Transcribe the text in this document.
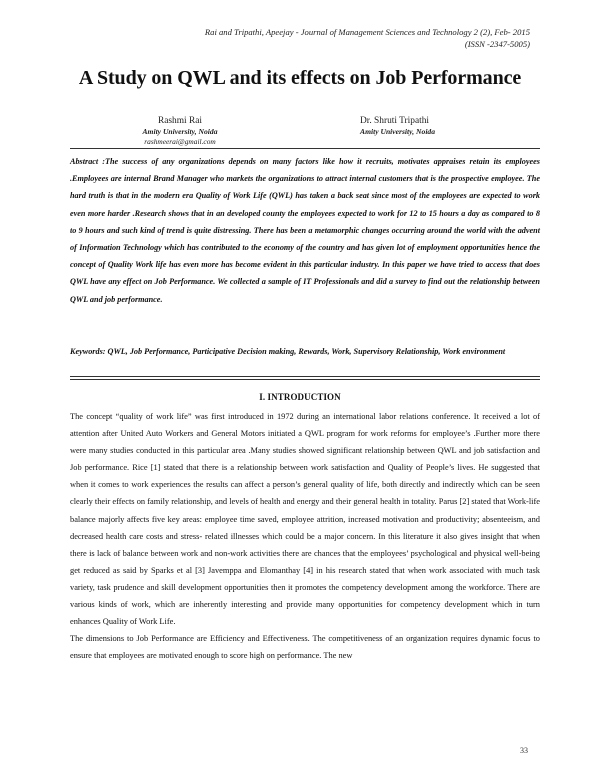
Rai and Tripathi, Apeejay - Journal of Management Sciences and Technology 2 (2), Feb- 2015
(ISSN -2347-5005)
A Study on QWL and its effects on Job Performance
Rashmi Rai
Amity University, Noida
rashmeerai@gmail.com
Dr. Shruti Tripathi
Amity University, Noida
Abstract :The success of any organizations depends on many factors like how it recruits, motivates appraises retain its employees .Employees are internal Brand Manager who markets the organizations to attract internal customers that is the prospective employee. The hard truth is that in the modern era Quality of Work Life (QWL) has taken a back seat since most of the employees are expected to work even more harder .Research shows that in an developed county the employees expected to work for 12 to 15 hours a day as compared to 8 to 9 hours and such kind of trend is quite distressing. There has been a metamorphic changes occurring around the world with the advent of Information Technology which has contributed to the economy of the country and has given lot of employment opportunities hence the concept of Quality Work life has even more has become evident in this particular industry. In this paper we have tried to access that does QWL have any effect on Job Performance. We collected a sample of IT Professionals and did a survey to find out the relationship between QWL and job performance.
Keywords: QWL, Job Performance, Participative Decision making, Rewards, Work, Supervisory Relationship, Work environment
I. INTRODUCTION

The concept “quality of work life” was first introduced in 1972 during an international labor relations conference. It received a lot of attention after United Auto Workers and General Motors initiated a QWL program for work reforms for employee’s .Further more there were many studies conducted in this particular area .Many studies showed significant relationship between QWL and job satisfaction and Job performance. Rice [1] stated that there is a relationship between work satisfaction and Quality of People’s lives. He suggested that when it comes to work experiences the results can affect a person’s general quality of life, both directly and indirectly which can be seen clearly their effects on family relationship, and levels of health and energy and their general health in totality. Parus [2] stated that Work-life balance majorly affects five key areas: employee time saved, employee attrition, increased motivation and productivity; absenteeism, and decreased health care costs and stress- related illnesses which could be a major concern. In this literature it also gives insight that when there is lack of balance between work and non-work activities there are chances that the employees’ psychological and physical well-being get reduced as said by Sparks et al [3] Javemppa and Elomanthay [4] in his research stated that when work associated with much task variety, task prudence and skill development opportunities then it promotes the competency development among the workforce. There are various kinds of work, which are inherently interesting and provide many opportunities for competency development which in turn enhances Quality of Work Life.

The dimensions to Job Performance are Efficiency and Effectiveness. The competitiveness of an organization requires dynamic focus to ensure that employees are motivated enough to score high on performance. The new

33
